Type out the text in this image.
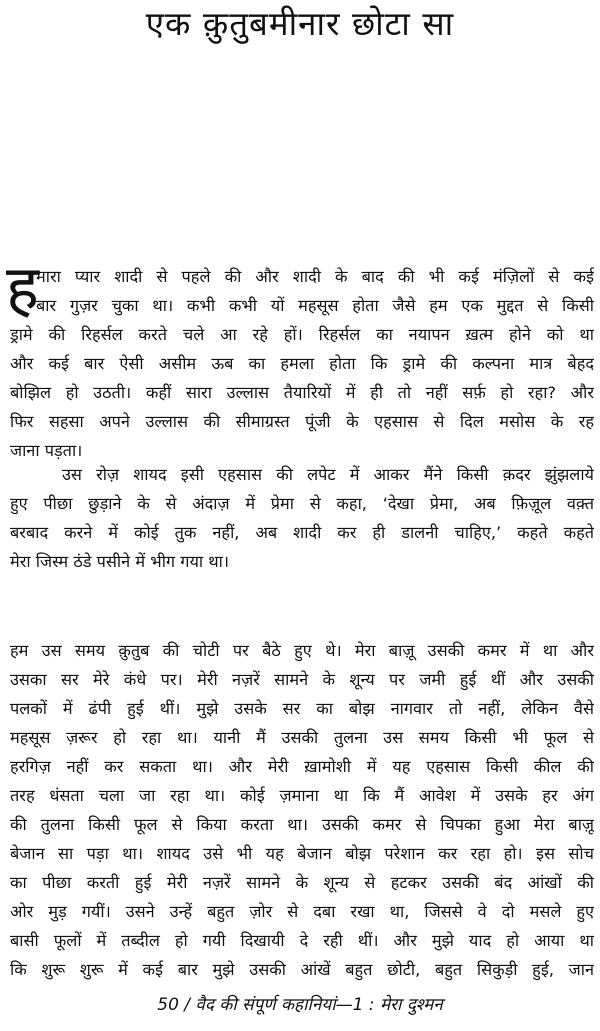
एक क़ुतुबमीनार छोटा सा
ह
मारा प्यार शादी से पहले की और शादी के बाद की भी कई मंज़िलों से कई
बार गुज़र चुका था। कभी कभी यों महसूस होता जैसे हम एक मुद्दत से किसी
ड्रामे की रिहर्सल करते चले आ रहे हों। रिहर्सल का नयापन ख़त्म होने को था
और कई बार ऐसी असीम ऊब का हमला होता कि ड्रामे की कल्पना मात्र बेहद
बोझिल हो उठती। कहीं सारा उल्लास तैयारियों में ही तो नहीं सर्फ़ हो रहा? और
फिर सहसा अपने उल्लास की सीमाग्रस्त पूंजी के एहसास से दिल मसोस के रह
जाना पड़ता।
उस रोज़ शायद इसी एहसास की लपेट में आकर मैंने किसी क़दर झुंझलाये
हुए पीछा छुड़ाने के से अंदाज़ में प्रेमा से कहा, ‘देखा प्रेमा, अब फ़िज़ूल वक़्त
बरबाद करने में कोई तुक नहीं, अब शादी कर ही डालनी चाहिए,’ कहते कहते
मेरा जिस्म ठंडे पसीने में भीग गया था।
हम उस समय क़ुतुब की चोटी पर बैठे हुए थे। मेरा बाज़ू उसकी कमर में था और
उसका सर मेरे कंधे पर। मेरी नज़रें सामने के शून्य पर जमी हुई थीं और उसकी
पलकों में ढंपी हुई थीं। मुझे उसके सर का बोझ नागवार तो नहीं, लेकिन वैसे
महसूस ज़रूर हो रहा था। यानी मैं उसकी तुलना उस समय किसी भी फूल से
हरगिज़ नहीं कर सकता था। और मेरी ख़ामोशी में यह एहसास किसी कील की
तरह धंसता चला जा रहा था। कोई ज़माना था कि मैं आवेश में उसके हर अंग
की तुलना किसी फूल से किया करता था। उसकी कमर से चिपका हुआ मेरा बाज़ू
बेजान सा पड़ा था। शायद उसे भी यह बेजान बोझ परेशान कर रहा हो। इस सोच
का पीछा करती हुई मेरी नज़रें सामने के शून्य से हटकर उसकी बंद आंखों की
ओर मुड़ गयीं। उसने उन्हें बहुत ज़ोर से दबा रखा था, जिससे वे दो मसले हुए
बासी फूलों में तब्दील हो गयी दिखायी दे रही थीं। और मुझे याद हो आया था
कि शुरू शुरू में कई बार मुझे उसकी आंखें बहुत छोटी, बहुत सिकुड़ी हुई, जान
50 / वैद की संपूर्ण कहानियां—1 : मेरा दुश्मन
